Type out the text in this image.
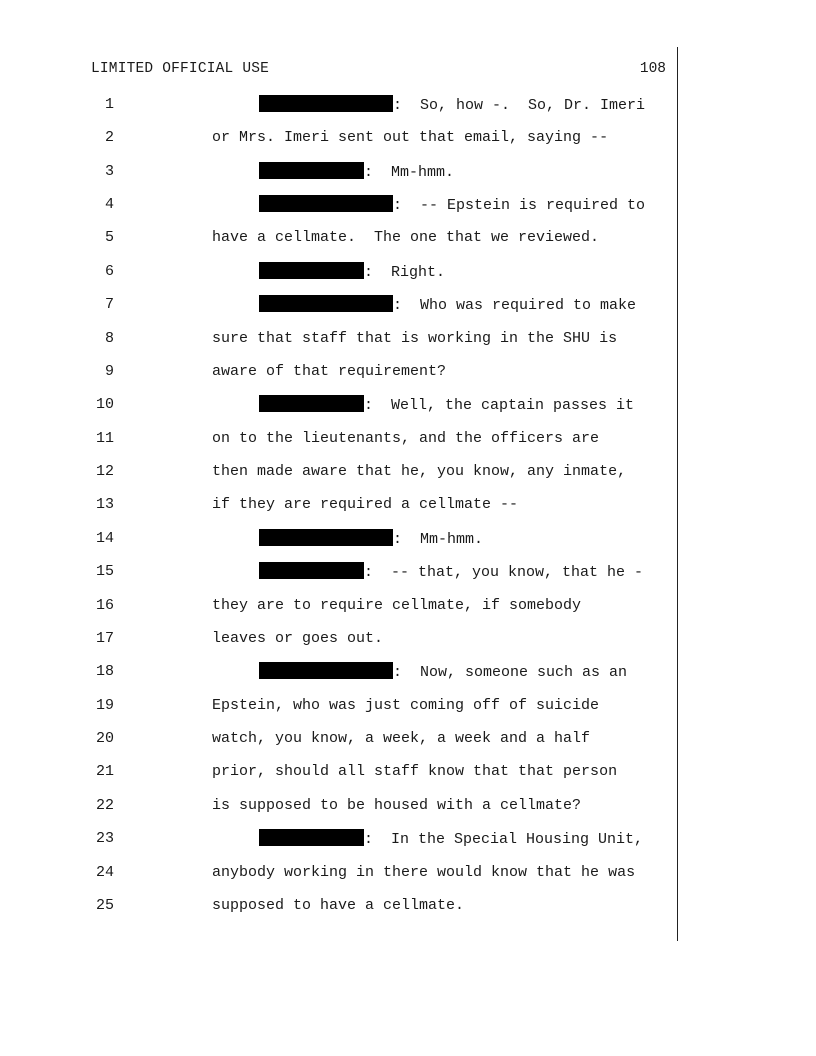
LIMITED OFFICIAL USE	108
1	:  So, how -.  So, Dr. Imeri
2	or Mrs. Imeri sent out that email, saying --
3	:  Mm-hmm.
4	:  -- Epstein is required to
5	have a cellmate.  The one that we reviewed.
6	:  Right.
7	:  Who was required to make
8	sure that staff that is working in the SHU is
9	aware of that requirement?
10	:  Well, the captain passes it
11	on to the lieutenants, and the officers are
12	then made aware that he, you know, any inmate,
13	if they are required a cellmate --
14	:  Mm-hmm.
15	:  -- that, you know, that he -
16	they are to require cellmate, if somebody
17	leaves or goes out.
18	:  Now, someone such as an
19	Epstein, who was just coming off of suicide
20	watch, you know, a week, a week and a half
21	prior, should all staff know that that person
22	is supposed to be housed with a cellmate?
23	:  In the Special Housing Unit,
24	anybody working in there would know that he was
25	supposed to have a cellmate.
